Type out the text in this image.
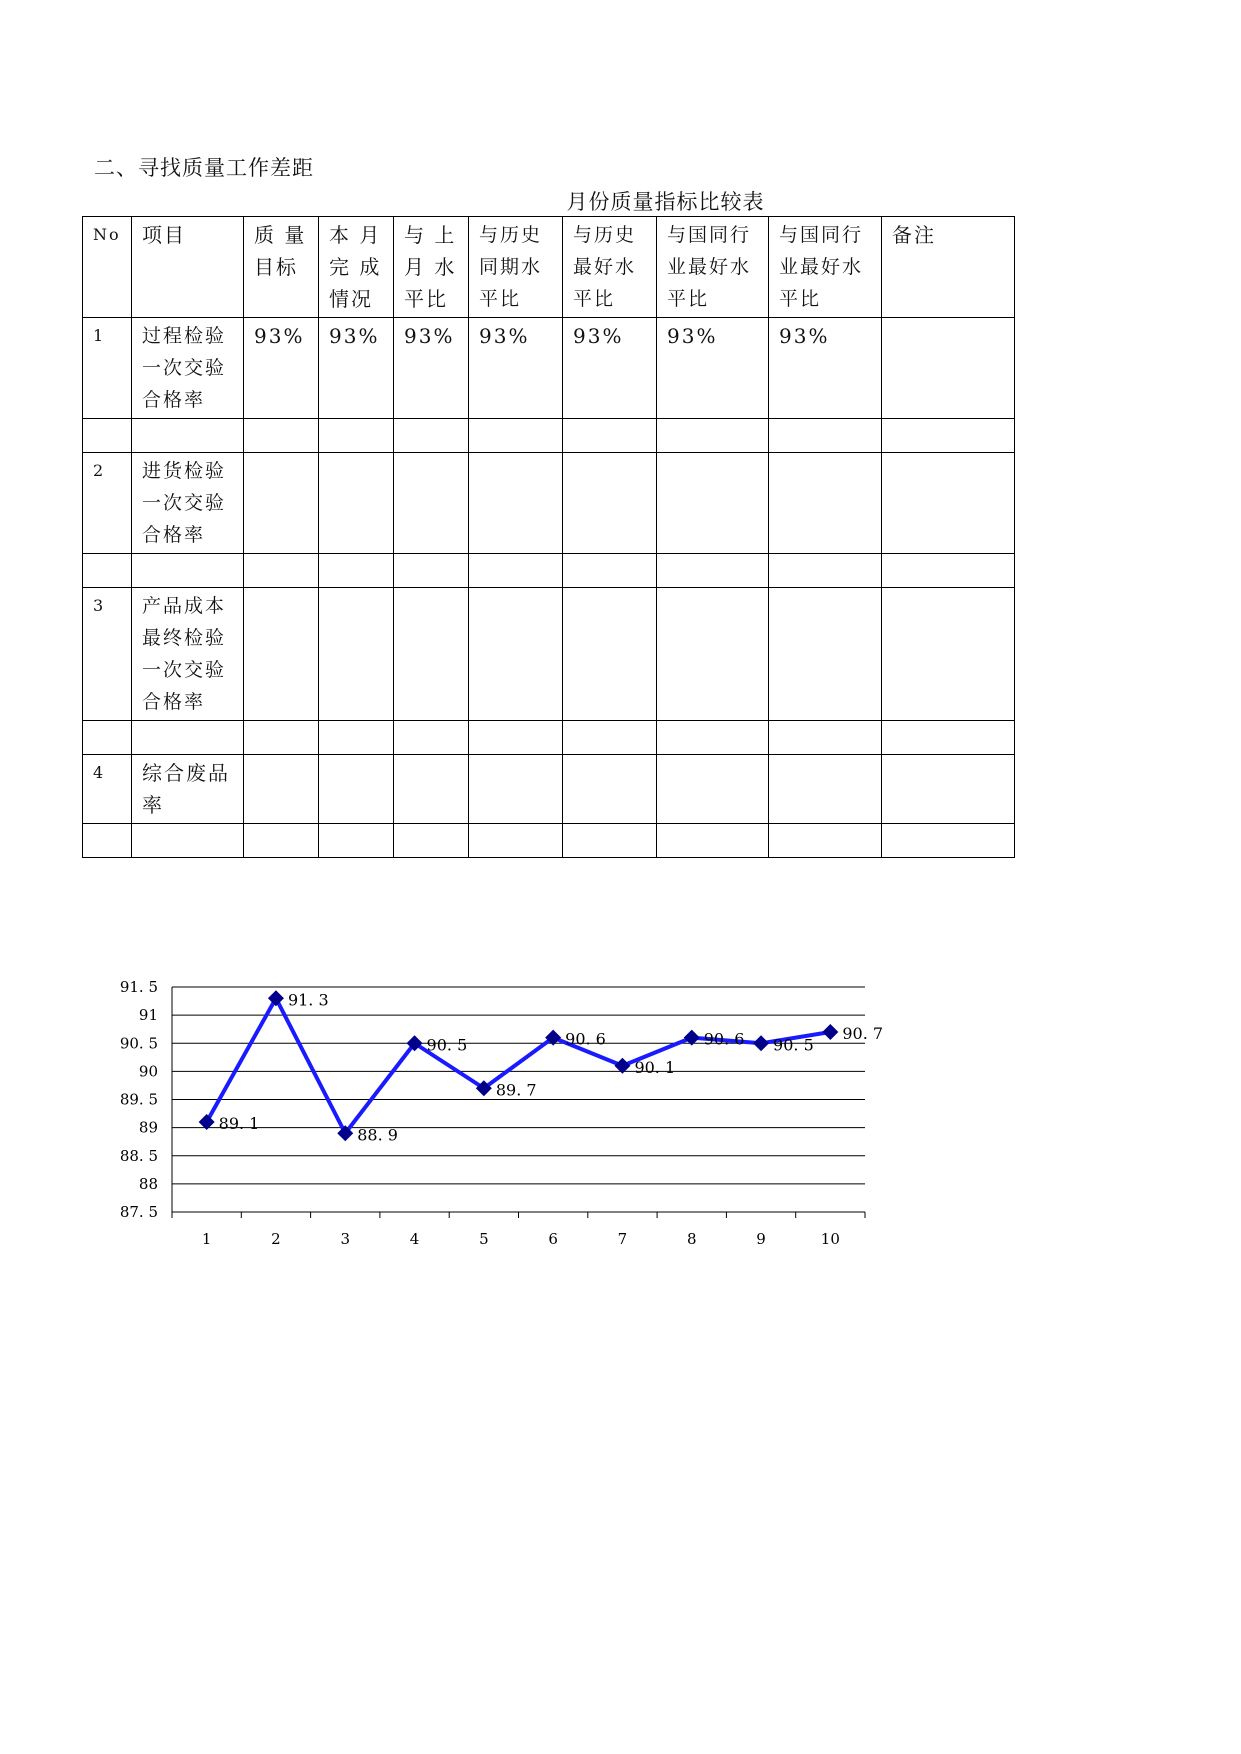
二、寻找质量工作差距
月份质量指标比较表
No	项目	质 量 目标	本 月 完 成 情况	与 上 月 水 平比	与历史同期水平比	与历史最好水平比	与国同行业最好水平比	与国同行业最好水平比	备注
1	过程检验一次交验合格率	93%	93%	93%	93%	93%	93%	93%	

2	进货检验一次交验合格率								

3	产品成本最终检验一次交验合格率								

4	综合废品率								

87. 5
88
88. 5
89
89. 5
90
90. 5
91
91. 5
1	2	3	4	5	6	7	8	9	10
89. 1
91. 3
88. 9
90. 5
89. 7
90. 6
90. 1
90. 6 90. 5
90. 7
